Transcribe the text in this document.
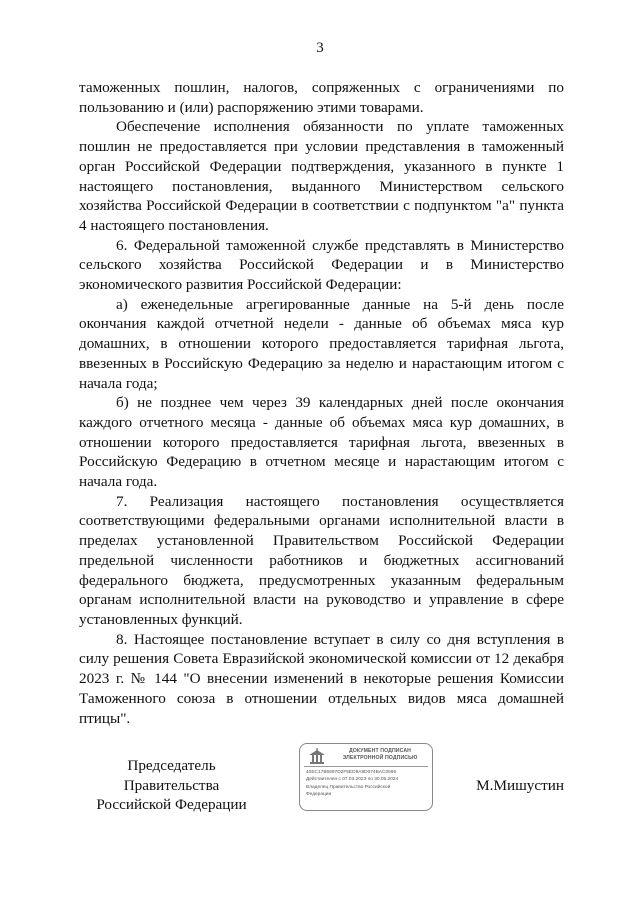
3

таможенных пошлин, налогов, сопряженных с ограничениями по пользованию и (или) распоряжению этими товарами.

Обеспечение исполнения обязанности по уплате таможенных пошлин не предоставляется при условии представления в таможенный орган Российской Федерации подтверждения, указанного в пункте 1 настоящего постановления, выданного Министерством сельского хозяйства Российской Федерации в соответствии с подпунктом "а" пункта 4 настоящего постановления.

6. Федеральной таможенной службе представлять в Министерство сельского хозяйства Российской Федерации и в Министерство экономического развития Российской Федерации:

а) еженедельные агрегированные данные на 5-й день после окончания каждой отчетной недели - данные об объемах мяса кур домашних, в отношении которого предоставляется тарифная льгота, ввезенных в Российскую Федерацию за неделю и нарастающим итогом с начала года;

б) не позднее чем через 39 календарных дней после окончания каждого отчетного месяца - данные об объемах мяса кур домашних, в отношении которого предоставляется тарифная льгота, ввезенных в Российскую Федерацию в отчетном месяце и нарастающим итогом с начала года.

7. Реализация настоящего постановления осуществляется соответствующими федеральными органами исполнительной власти в пределах установленной Правительством Российской Федерации предельной численности работников и бюджетных ассигнований федерального бюджета, предусмотренных указанным федеральным органам исполнительной власти на руководство и управление в сфере установленных функций.

8. Настоящее постановление вступает в силу со дня вступления в силу решения Совета Евразийской экономической комиссии от 12 декабря 2023 г. № 144 "О внесении изменений в некоторые решения Комиссии Таможенного союза в отношении отдельных видов мяса домашней птицы".

Председатель Правительства
Российской Федерации
ДОКУМЕНТ ПОДПИСАН
ЭЛЕКТРОННОЙ ПОДПИСЬЮ
40ЕС17В6697D2F5ED9A8D074BAC0596
Действителен с 07.03.2023 по 30.05.2024
Владелец Правительство Российской
Федерации
М.Мишустин
